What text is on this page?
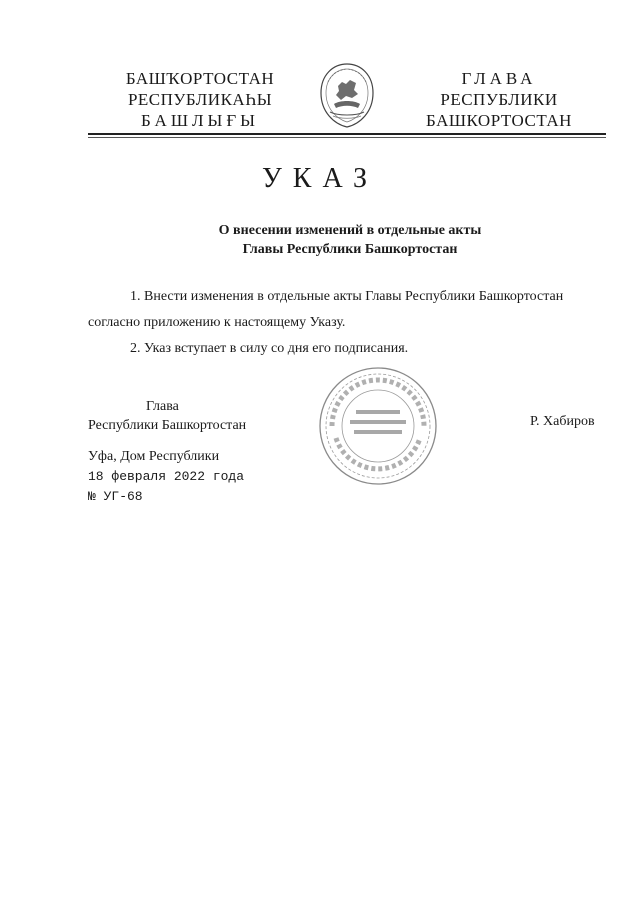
БАШҠОРТОСТАН
РЕСПУБЛИКАҺЫ
БАШЛЫҒЫ
ГЛАВА
РЕСПУБЛИКИ
БАШКОРТОСТАН
УКАЗ
О внесении изменений в отдельные акты
Главы Республики Башкортостан
1. Внести изменения в отдельные акты Главы Республики Башкортостан
согласно приложению к настоящему Указу.
2. Указ вступает в силу со дня его подписания.
Глава
Республики Башкортостан	Р. Хабиров
Уфа, Дом Республики
18 февраля 2022 года
№ УГ-68
